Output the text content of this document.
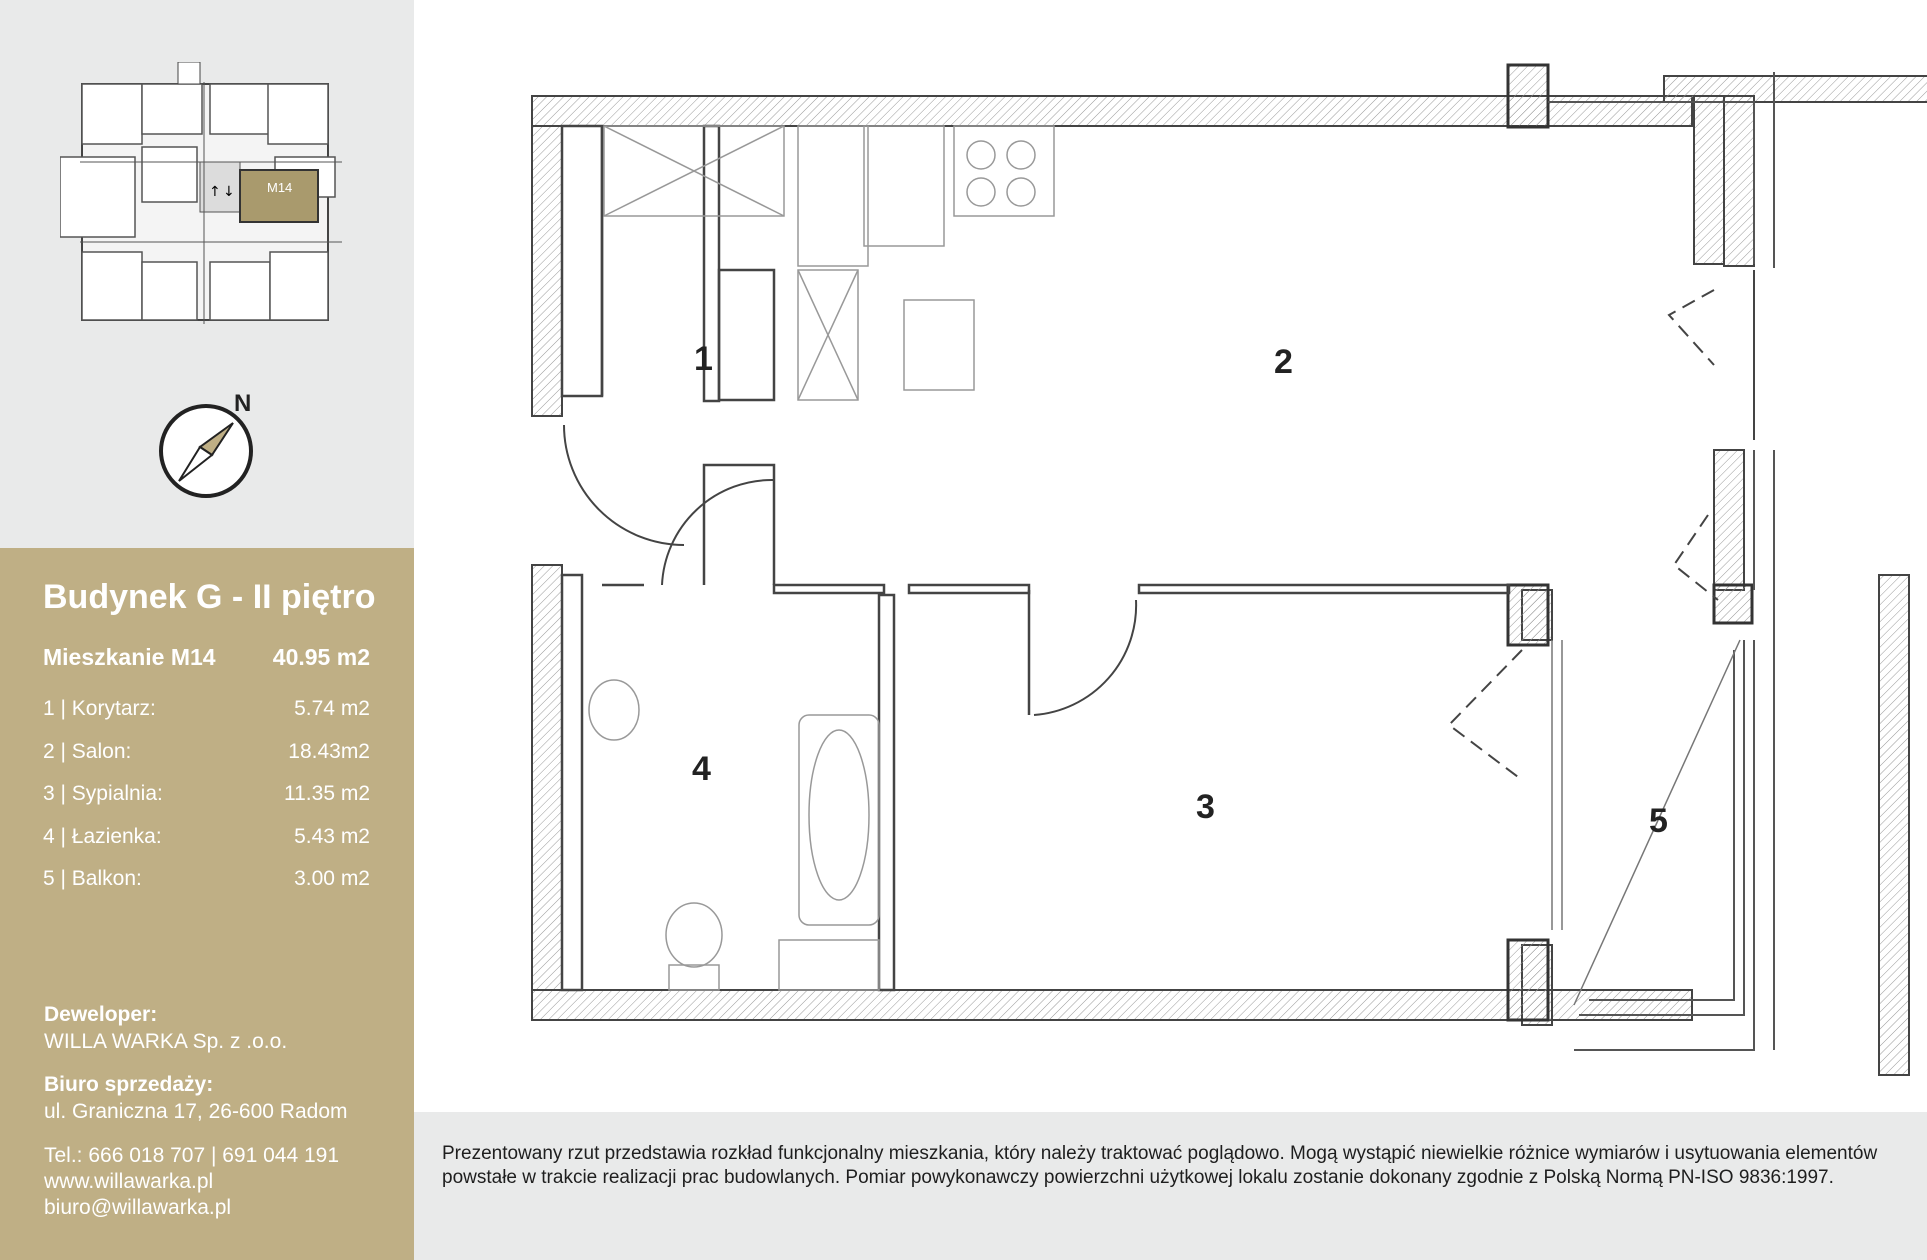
↑ ↓ M14
N
Budynek G - II piętro
Mieszkanie M14 40.95 m2
1 | Korytarz:	5.74 m2
2 | Salon:	18.43m2
3 | Sypialnia:	11.35 m2
4 | Łazienka:	5.43 m2
5 | Balkon:	3.00 m2
Deweloper:
WILLA WARKA Sp. z .o.o.
Biuro sprzedaży:
ul. Graniczna 17, 26-600 Radom
Tel.: 666 018 707 | 691 044 191
www.willawarka.pl
biuro@willawarka.pl
1	2
3
4
5
Prezentowany rzut przedstawia rozkład funkcjonalny mieszkania, który należy traktować poglądowo. Mogą wystąpić niewielkie różnice wymiarów i usytuowania elementów powstałe w trakcie realizacji prac budowlanych. Pomiar powykonawczy powierzchni użytkowej lokalu zostanie dokonany zgodnie z Polską Normą PN-ISO 9836:1997.
